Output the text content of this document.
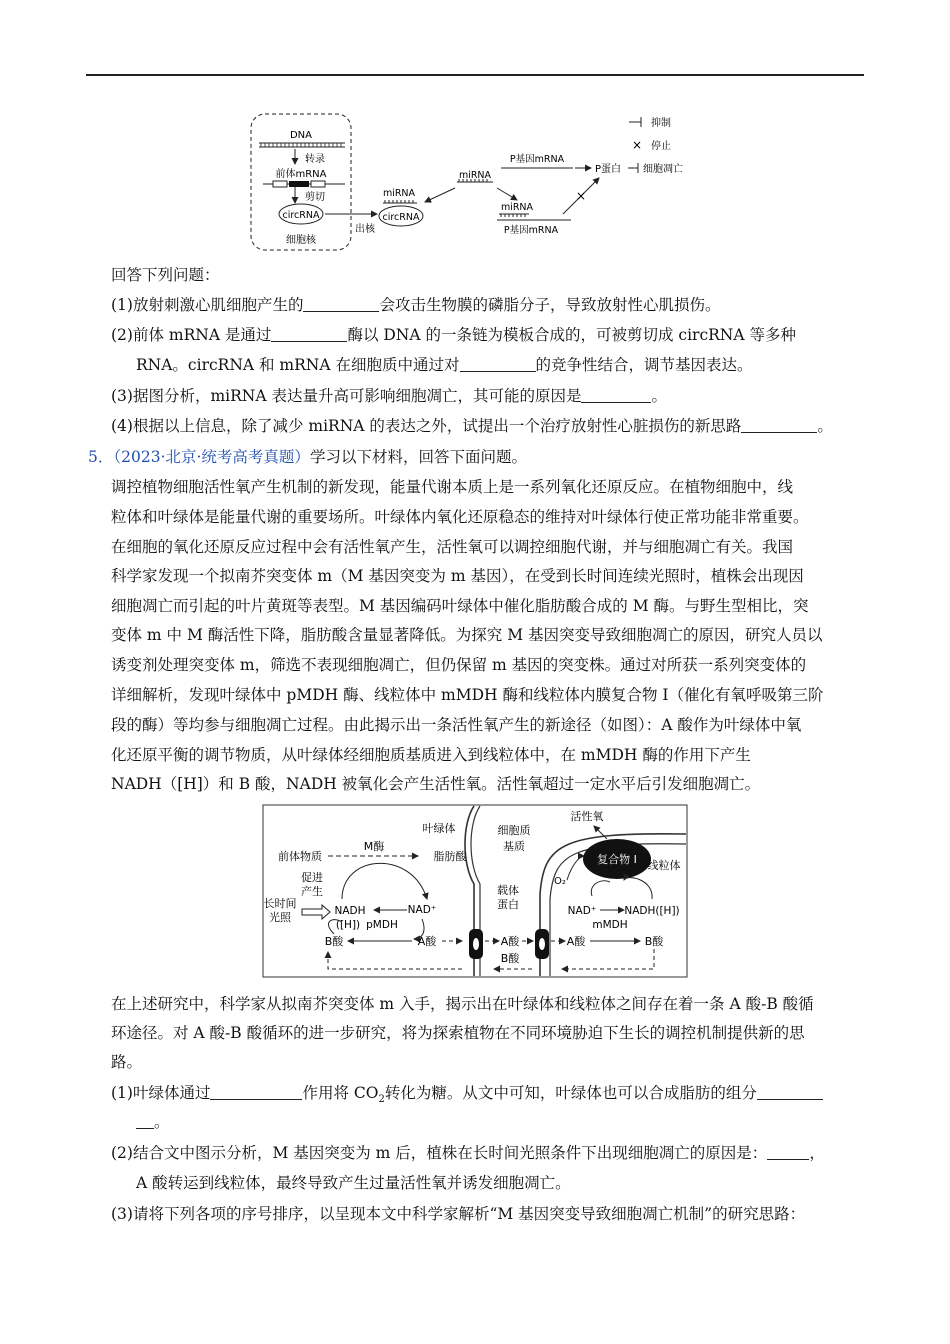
DNA
转录
前体mRNA
剪切
circRNA
细胞核
出核
miRNA
circRNA
miRNA
P基因mRNA
P蛋白 细胞凋亡
miRNA
P基因mRNA
×
抑制
× 停止
回答下列问题：
(1)放射刺激心肌细胞产生的	会攻击生物膜的磷脂分子，导致放射性心肌损伤。
(2)前体 mRNA 是通过	酶以 DNA 的一条链为模板合成的，可被剪切成 circRNA 等多种
RNA。circRNA 和 mRNA 在细胞质中通过对	的竞争性结合，调节基因表达。
(3)据图分析，miRNA 表达量升高可影响细胞凋亡，其可能的原因是	。
(4)根据以上信息，除了减少 miRNA 的表达之外，试提出一个治疗放射性心脏损伤的新思路	。
5．（2023·北京·统考高考真题）学习以下材料，回答下面问题。
调控植物细胞活性氧产生机制的新发现，能量代谢本质上是一系列氧化还原反应。在植物细胞中，线
粒体和叶绿体是能量代谢的重要场所。叶绿体内氧化还原稳态的维持对叶绿体行使正常功能非常重要。
在细胞的氧化还原反应过程中会有活性氧产生，活性氧可以调控细胞代谢，并与细胞凋亡有关。我国
科学家发现一个拟南芥突变体 m（M 基因突变为 m 基因），在受到长时间连续光照时，植株会出现因
细胞凋亡而引起的叶片黄斑等表型。M 基因编码叶绿体中催化脂肪酸合成的 M 酶。与野生型相比，突
变体 m 中 M 酶活性下降，脂肪酸含量显著降低。为探究 M 基因突变导致细胞凋亡的原因，研究人员以
诱变剂处理突变体 m，筛选不表现细胞凋亡，但仍保留 m 基因的突变株。通过对所获一系列突变体的
详细解析，发现叶绿体中 pMDH 酶、线粒体中 mMDH 酶和线粒体内膜复合物 I（催化有氧呼吸第三阶
段的酶）等均参与细胞凋亡过程。由此揭示出一条活性氧产生的新途径（如图）：A 酸作为叶绿体中氧
化还原平衡的调节物质，从叶绿体经细胞质基质进入到线粒体中，在 mMDH 酶的作用下产生
NADH（[H]）和 B 酸，NADH 被氧化会产生活性氧。活性氧超过一定水平后引发细胞凋亡。
叶绿体	细胞质
基质
活性氧
复合物 I 线粒体
O₂
前体物质
M酶
脂肪酸
促进
产生
长时间
光照	NADH
([H])
NAD⁺
pMDH
B酸	A酸
载体
蛋白
A酸
B酸
A酸	B酸
NAD⁺	NADH([H])
mMDH
在上述研究中，科学家从拟南芥突变体 m 入手，揭示出在叶绿体和线粒体之间存在着一条 A 酸-B 酸循
环途径。对 A 酸-B 酸循环的进一步研究，将为探索植物在不同环境胁迫下生长的调控机制提供新的思
路。
(1)叶绿体通过	作用将 $CO_2$转化为糖。从文中可知，叶绿体也可以合成脂肪的组分
。
(2)结合文中图示分析，M 基因突变为 m 后，植株在长时间光照条件下出现细胞凋亡的原因是：	，
A 酸转运到线粒体，最终导致产生过量活性氧并诱发细胞凋亡。
(3)请将下列各项的序号排序，以呈现本文中科学家解析“M 基因突变导致细胞凋亡机制”的研究思路：
